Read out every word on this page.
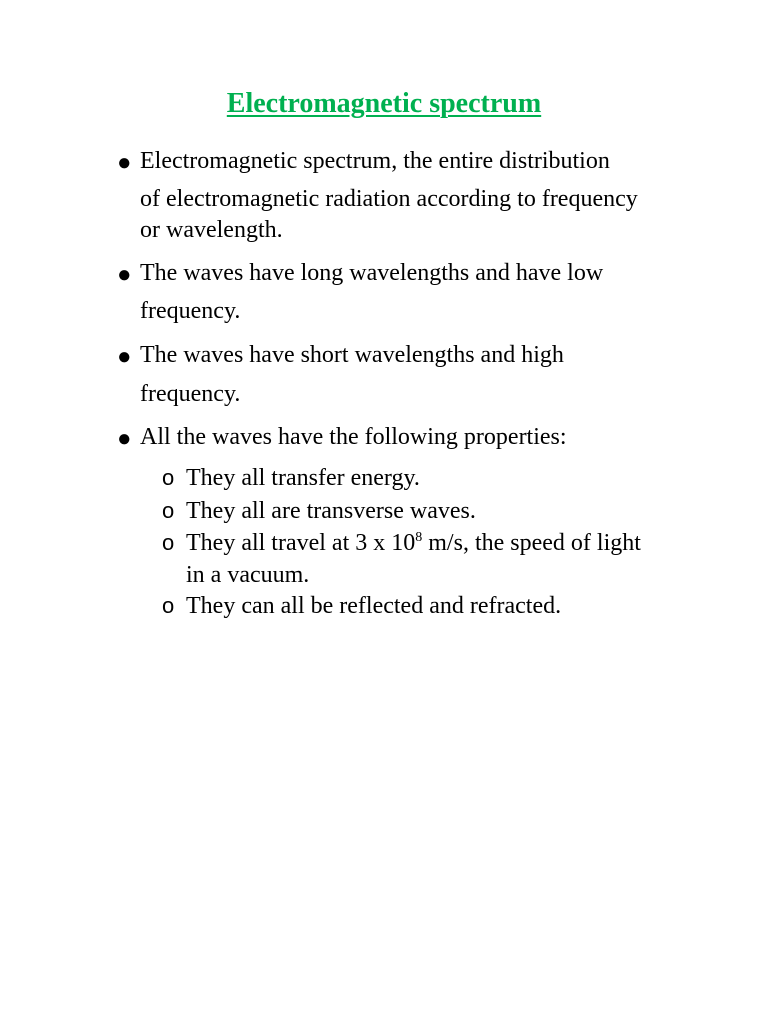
Electromagnetic spectrum
● Electromagnetic spectrum, the entire distribution
of electromagnetic radiation according to frequency
or wavelength.
● The waves have long wavelengths and have low
frequency.
● The waves have short wavelengths and high
frequency.
● All the waves have the following properties:
o They all transfer energy.
o They all are transverse waves.
o They all travel at 3 x $10^8$ m/s, the speed of light
in a vacuum.
o They can all be reflected and refracted.
